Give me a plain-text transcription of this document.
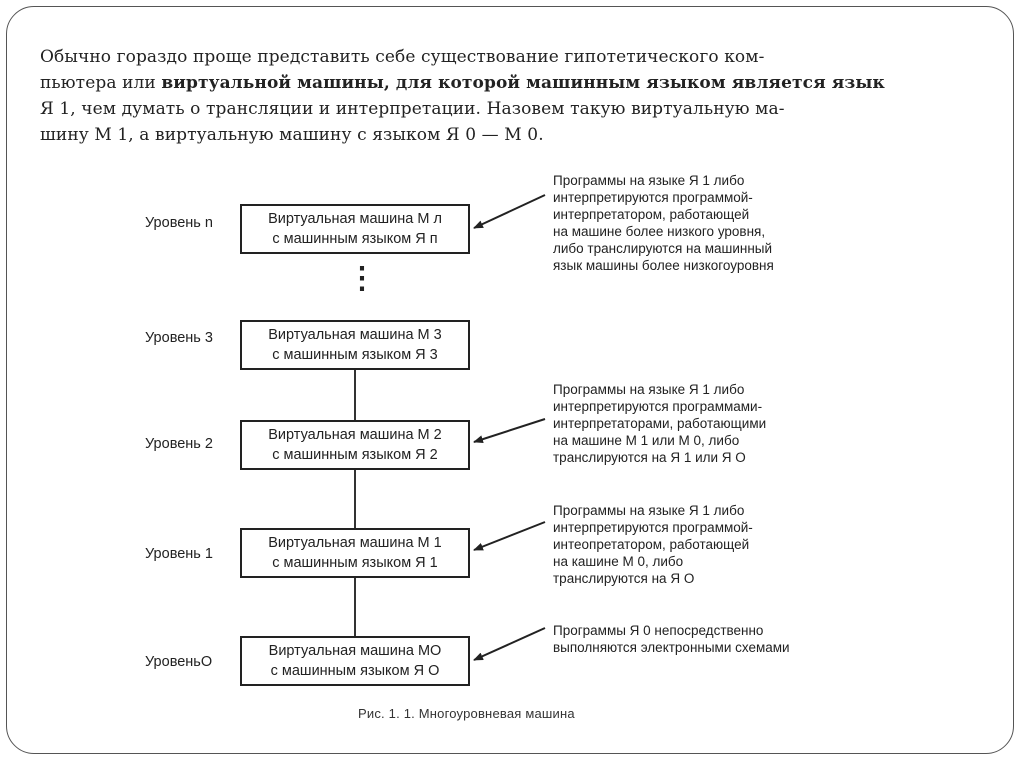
Обычно гораздо проще представить себе существование гипотетического ком-
пьютера или виртуальной машины, для которой машинным языком является язык
Я 1, чем думать о трансляции и интерпретации. Назовем такую виртуальную ма-
шину М 1, а виртуальную машину с языком Я 0 — М 0.
Уровень n	Виртуальная машина М л
с машинным языком Я п
⋮
Уровень 3	Виртуальная машина М 3
с машинным языком Я 3
Уровень 2
Виртуальная машина М 2
с машинным языком Я 2
Уровень 1
Виртуальная машина М 1
с машинным языком Я 1
УровеньО
Виртуальная машина МО
с машинным языком Я О
Программы на языке Я 1 либо
интерпретируются программой-
интерпретатором, работающей
на машине более низкого уровня,
либо транслируются на машинный
язык машины более низкогоуровня
Программы на языке Я 1 либо
интерпретируются программами-
интерпретаторами, работающими
на машине М 1 или М 0, либо
транслируются на Я 1 или Я О
Программы на языке Я 1 либо
интерпретируются программой-
интеопретатором, работающей
на кашине М 0, либо
транслируются на Я О
Программы Я 0 непосредственно
выполняются электронными схемами
Рис. 1. 1. Многоуровневая машина
